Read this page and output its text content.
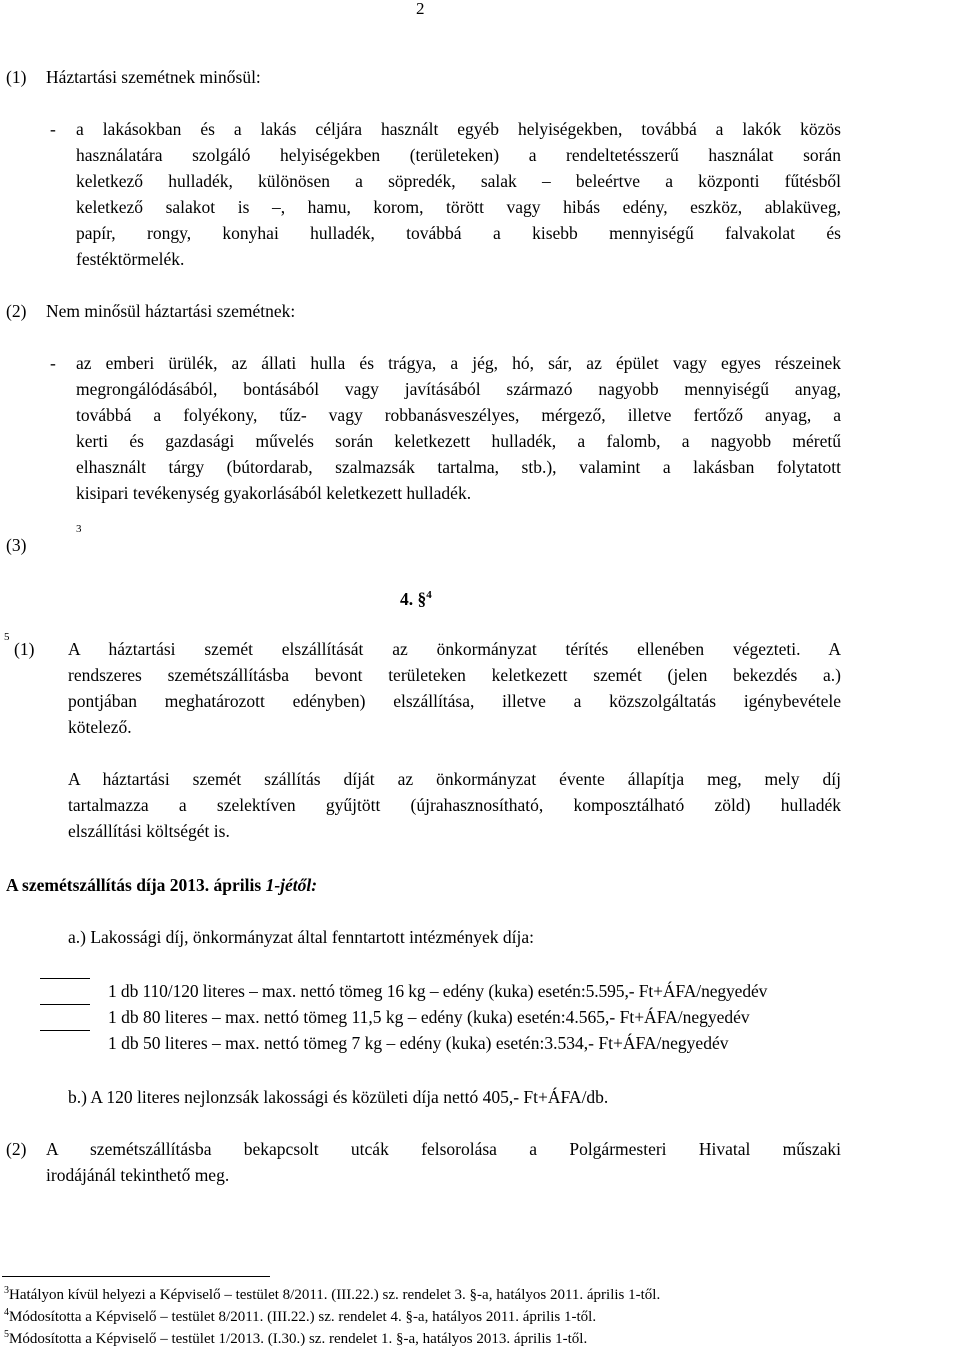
2
(1) Háztartási szemétnek minősül:
- a lakásokban és a lakás céljára használt egyéb helyiségekben, továbbá a lakók közös
használatára szolgáló helyiségekben (területeken) a rendeltetésszerű használat során
keletkező hulladék, különösen a söpredék, salak – beleértve a központi fűtésből
keletkező salakot is –, hamu, korom, törött vagy hibás edény, eszköz, ablaküveg,
papír, rongy, konyhai hulladék, továbbá a kisebb mennyiségű falvakolat és
festéktörmelék.
(2) Nem minősül háztartási szemétnek:
- az emberi ürülék, az állati hulla és trágya, a jég, hó, sár, az épület vagy egyes részeinek
megrongálódásából, bontásából vagy javításából származó nagyobb mennyiségű anyag,
továbbá a folyékony, tűz- vagy robbanásveszélyes, mérgező, illetve fertőző anyag, a
kerti és gazdasági művelés során keletkezett hulladék, a falomb, a nagyobb méretű
elhasznált tárgy (bútordarab, szalmazsák tartalma, stb.), valamint a lakásban folytatott
kisipari tevékenység gyakorlásából keletkezett hulladék.
(3)
3
4. §$^4$
5
(1) A háztartási szemét elszállítását az önkormányzat térítés ellenében végezteti. A
rendszeres szemétszállításba bevont területeken keletkezett szemét (jelen bekezdés a.)
pontjában meghatározott edényben) elszállítása, illetve a közszolgáltatás igénybevétele
kötelező.
A háztartási szemét szállítás díját az önkormányzat évente állapítja meg, mely díj
tartalmazza a szelektíven gyűjtött (újrahasznosítható, komposztálható zöld) hulladék
elszállítási költségét is.
A szemétszállítás díja 2013. április 1-jétől:
a.) Lakossági díj, önkormányzat által fenntartott intézmények díja:
1 db 110/120 literes – max. nettó tömeg 16 kg – edény (kuka) esetén:5.595,- Ft+ÁFA/negyedév
1 db 80 literes – max. nettó tömeg 11,5 kg – edény (kuka) esetén:4.565,- Ft+ÁFA/negyedév
1 db 50 literes – max. nettó tömeg 7 kg – edény (kuka) esetén:3.534,- Ft+ÁFA/negyedév
b.) A 120 literes nejlonzsák lakossági és közületi díja nettó 405,- Ft+ÁFA/db.
(2) A szemétszállításba bekapcsolt utcák felsorolása a Polgármesteri Hivatal műszaki
irodájánál tekinthető meg.
$^3$Hatályon kívül helyezi a Képviselő – testület 8/2011. (III.22.) sz. rendelet 3. §-a, hatályos 2011. április 1-től.
$^4$Módosította a Képviselő – testület 8/2011. (III.22.) sz. rendelet 4. §-a, hatályos 2011. április 1-től.
$^5$Módosította a Képviselő – testület 1/2013. (I.30.) sz. rendelet 1. §-a, hatályos 2013. április 1-től.
